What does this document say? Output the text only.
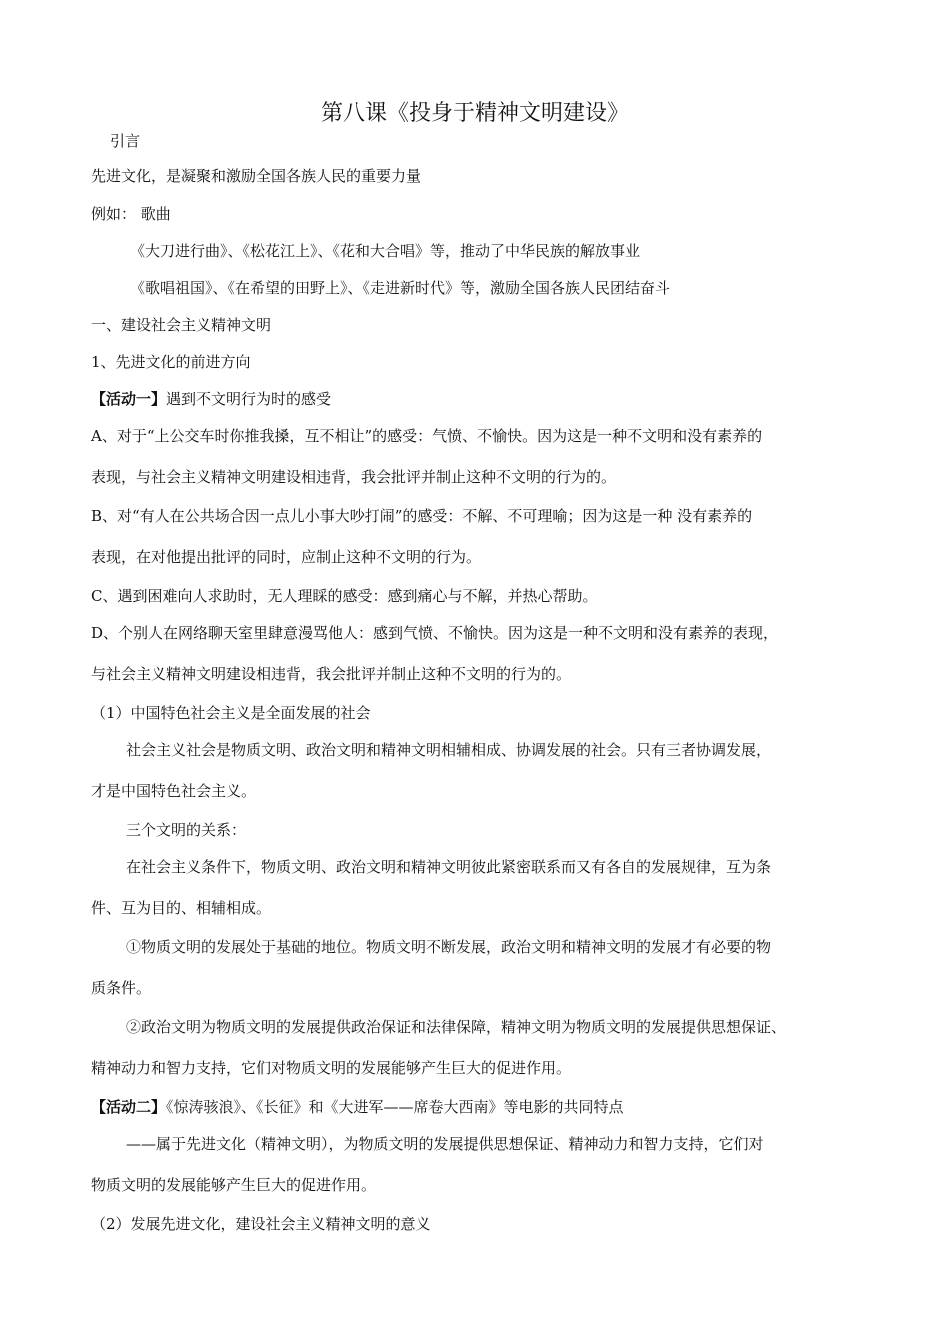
第八课《投身于精神文明建设》
引言
先进文化，是凝聚和激励全国各族人民的重要力量
例如： 歌曲
《大刀进行曲》、《松花江上》、《花和大合唱》等，推动了中华民族的解放事业
《歌唱祖国》、《在希望的田野上》、《走进新时代》等，激励全国各族人民团结奋斗
一、建设社会主义精神文明
1、先进文化的前进方向
【活动一】遇到不文明行为时的感受
A、对于“上公交车时你推我搡，互不相让”的感受：气愤、不愉快。因为这是一种不文明和没有素养的
表现，与社会主义精神文明建设相违背，我会批评并制止这种不文明的行为的。
B、对“有人在公共场合因一点儿小事大吵打闹”的感受：不解、不可理喻；因为这是一种 没有素养的
表现，在对他提出批评的同时，应制止这种不文明的行为。
C、遇到困难向人求助时，无人理睬的感受：感到痛心与不解，并热心帮助。
D、个别人在网络聊天室里肆意漫骂他人：感到气愤、不愉快。因为这是一种不文明和没有素养的表现，
与社会主义精神文明建设相违背，我会批评并制止这种不文明的行为的。
（1）中国特色社会主义是全面发展的社会
社会主义社会是物质文明、政治文明和精神文明相辅相成、协调发展的社会。只有三者协调发展，
才是中国特色社会主义。
三个文明的关系：
在社会主义条件下，物质文明、政治文明和精神文明彼此紧密联系而又有各自的发展规律，互为条
件、互为目的、相辅相成。
①物质文明的发展处于基础的地位。物质文明不断发展，政治文明和精神文明的发展才有必要的物
质条件。
②政治文明为物质文明的发展提供政治保证和法律保障，精神文明为物质文明的发展提供思想保证、
精神动力和智力支持，它们对物质文明的发展能够产生巨大的促进作用。
【活动二】《惊涛骇浪》、《长征》和《大进军——席卷大西南》等电影的共同特点
——属于先进文化（精神文明），为物质文明的发展提供思想保证、精神动力和智力支持，它们对
物质文明的发展能够产生巨大的促进作用。
（2）发展先进文化，建设社会主义精神文明的意义
